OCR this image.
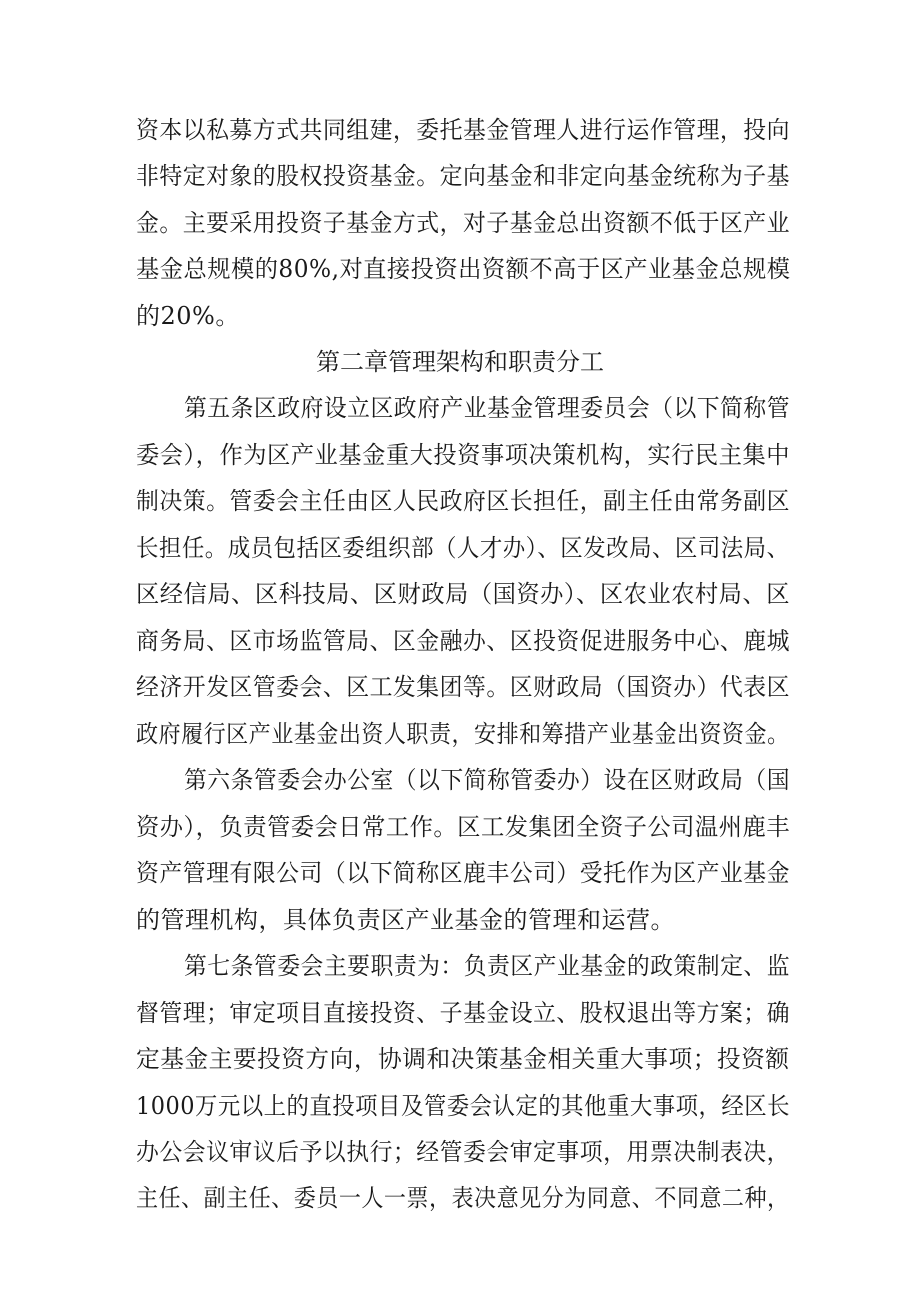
资本以私募方式共同组建，委托基金管理人进行运作管理，投向
非特定对象的股权投资基金。定向基金和非定向基金统称为子基
金。主要采用投资子基金方式，对子基金总出资额不低于区产业
基金总规模的80%,对直接投资出资额不高于区产业基金总规模
的20%。
第二章管理架构和职责分工
第五条区政府设立区政府产业基金管理委员会（以下简称管
委会），作为区产业基金重大投资事项决策机构，实行民主集中
制决策。管委会主任由区人民政府区长担任，副主任由常务副区
长担任。成员包括区委组织部（人才办）、区发改局、区司法局、
区经信局、区科技局、区财政局（国资办）、区农业农村局、区
商务局、区市场监管局、区金融办、区投资促进服务中心、鹿城
经济开发区管委会、区工发集团等。区财政局（国资办）代表区
政府履行区产业基金出资人职责，安排和筹措产业基金出资资金。
第六条管委会办公室（以下简称管委办）设在区财政局（国
资办），负责管委会日常工作。区工发集团全资子公司温州鹿丰
资产管理有限公司（以下简称区鹿丰公司）受托作为区产业基金
的管理机构，具体负责区产业基金的管理和运营。
第七条管委会主要职责为：负责区产业基金的政策制定、监
督管理；审定项目直接投资、子基金设立、股权退出等方案；确
定基金主要投资方向，协调和决策基金相关重大事项；投资额
1000万元以上的直投项目及管委会认定的其他重大事项，经区长
办公会议审议后予以执行；经管委会审定事项，用票决制表决，
主任、副主任、委员一人一票，表决意见分为同意、不同意二种，
